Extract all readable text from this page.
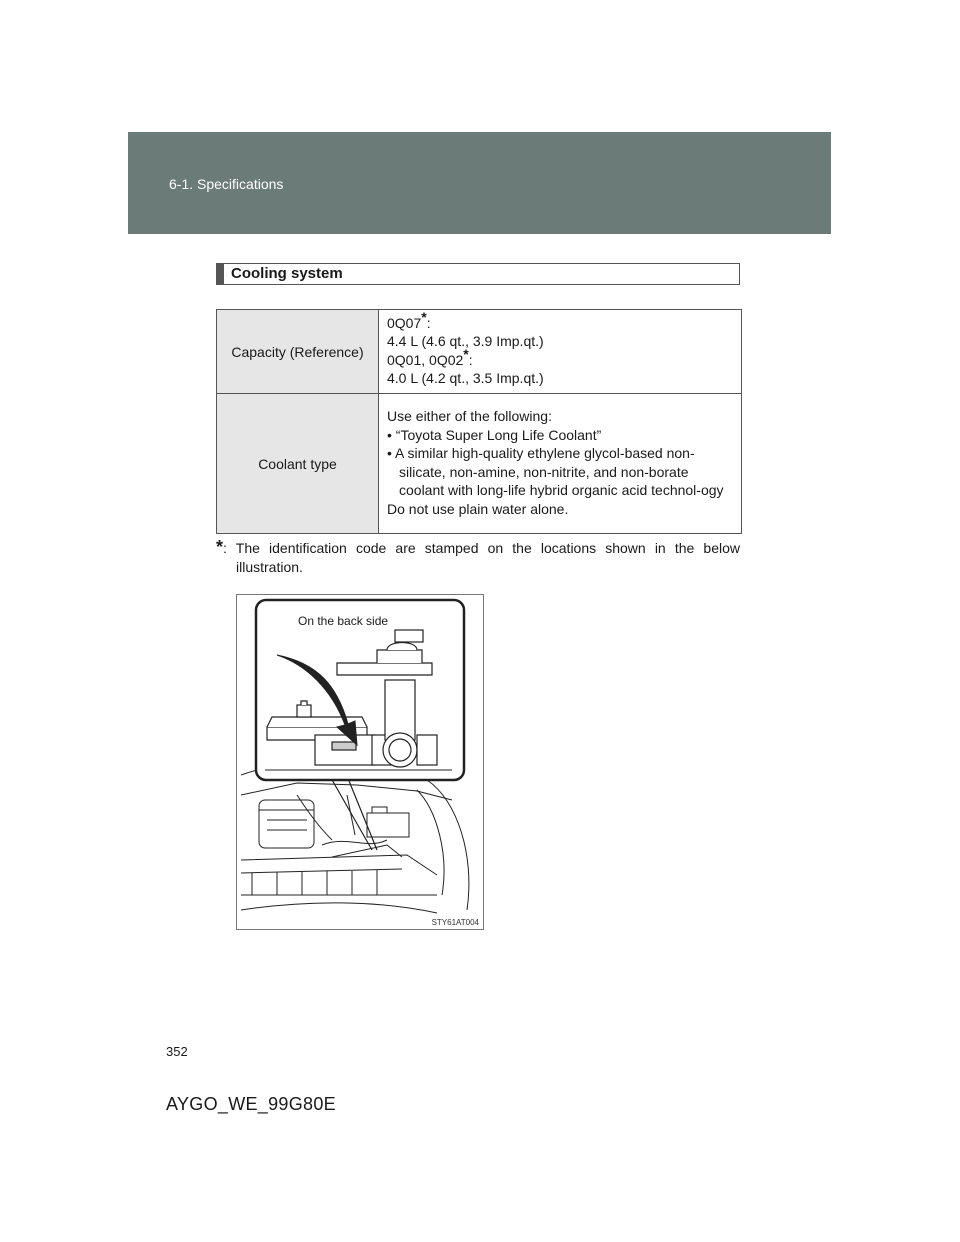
6-1. Specifications
Cooling system
Capacity (Reference)	0Q07*:
4.4 L (4.6 qt., 3.9 Imp.qt.)
0Q01, 0Q02*:
4.0 L (4.2 qt., 3.5 Imp.qt.)

Coolant type	Use either of the following:
• “Toyota Super Long Life Coolant”
• A similar high-quality ethylene glycol-based non-silicate, non-amine, non-nitrite, and non-borate coolant with long-life hybrid organic acid technol-ogy
Do not use plain water alone.
*: The identification code are stamped on the locations shown in the below illustration.
On the back side
STY61AT004
352
AYGO_WE_99G80E
